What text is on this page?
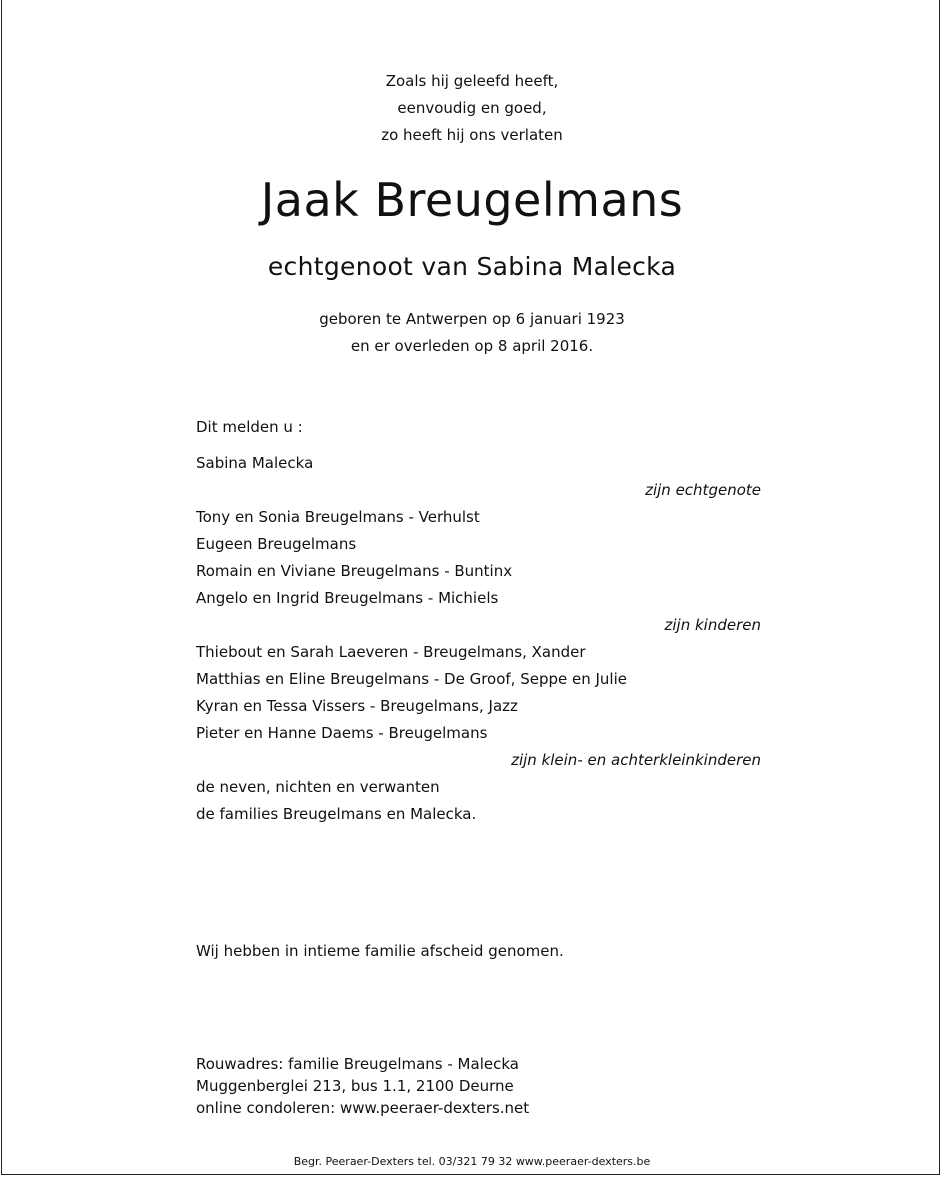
Zoals hij geleefd heeft,
eenvoudig en goed,
zo heeft hij ons verlaten
Jaak Breugelmans
echtgenoot van Sabina Malecka
geboren te Antwerpen op 6 januari 1923
en er overleden op 8 april 2016.
Dit melden u :
Sabina Malecka
zijn echtgenote
Tony en Sonia Breugelmans - Verhulst
Eugeen Breugelmans
Romain en Viviane Breugelmans - Buntinx
Angelo en Ingrid Breugelmans - Michiels
zijn kinderen
Thiebout en Sarah Laeveren - Breugelmans, Xander
Matthias en Eline Breugelmans - De Groof, Seppe en Julie
Kyran en Tessa Vissers - Breugelmans, Jazz
Pieter en Hanne Daems - Breugelmans
zijn klein- en achterkleinkinderen
de neven, nichten en verwanten
de families Breugelmans en Malecka.
Wij hebben in intieme familie afscheid genomen.
Rouwadres: familie Breugelmans - Malecka
Muggenberglei 213, bus 1.1, 2100 Deurne
online condoleren: www.peeraer-dexters.net
Begr. Peeraer-Dexters tel. 03/321 79 32 www.peeraer-dexters.be
